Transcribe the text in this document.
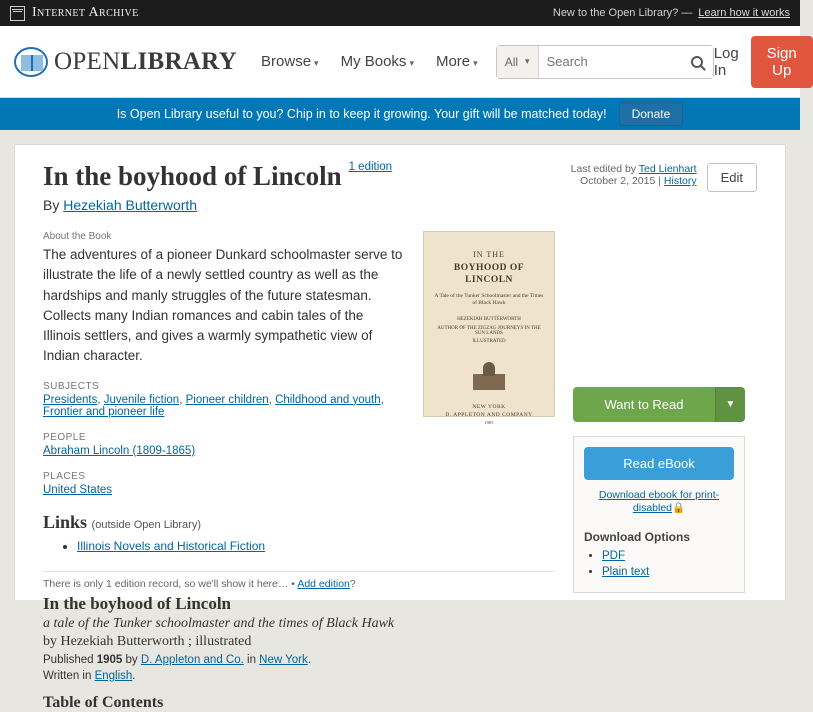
Internet Archive	New to the Open Library? — Learn how it works
OPENLIBRARY Browse ▾ My Books ▾ More ▾ All ▾
Search	Log In
Sign Up
Is Open Library useful to you? Chip in to keep it growing. Your gift will be matched today!	Donate
Last edited by Ted Lienhart
October 2, 2015 | History	Edit
In the boyhood of Lincoln 1 edition
By Hezekiah Butterworth
About the Book

The adventures of a pioneer Dunkard schoolmaster serve to illustrate the life of a newly settled country as well as the hardships and manly struggles of the future statesman. Collects many Indian romances and cabin tales of the Illinois settlers, and gives a warmly sympathetic view of Indian character.

SUBJECTS
Presidents, Juvenile fiction, Pioneer children, Childhood and youth, Frontier and pioneer life
PEOPLE
Abraham Lincoln (1809-1865)
PLACES
United States
Links (outside Open Library)
• Illinois Novels and Historical Fiction
IN THE
BOYHOOD OF LINCOLN
A Tale of the Tunker Schoolmaster and the Times of Black Hawk
HEZEKIAH BUTTERWORTH
AUTHOR OF THE ZIGZAG JOURNEYS IN THE SUN LANDS
ILLUSTRATED
NEW YORK
D. APPLETON AND COMPANY
1905
There is only 1 edition record, so we'll show it here… • Add edition?
In the boyhood of Lincoln
a tale of the Tunker schoolmaster and the times of Black Hawk
by Hezekiah Butterworth ; illustrated
Published 1905 by D. Appleton and Co. in New York.
Written in English.
Table of Contents
Want to Read	▼
Read eBook
Download ebook for print-disabled🔒
Download Options
• PDF
• Plain text
